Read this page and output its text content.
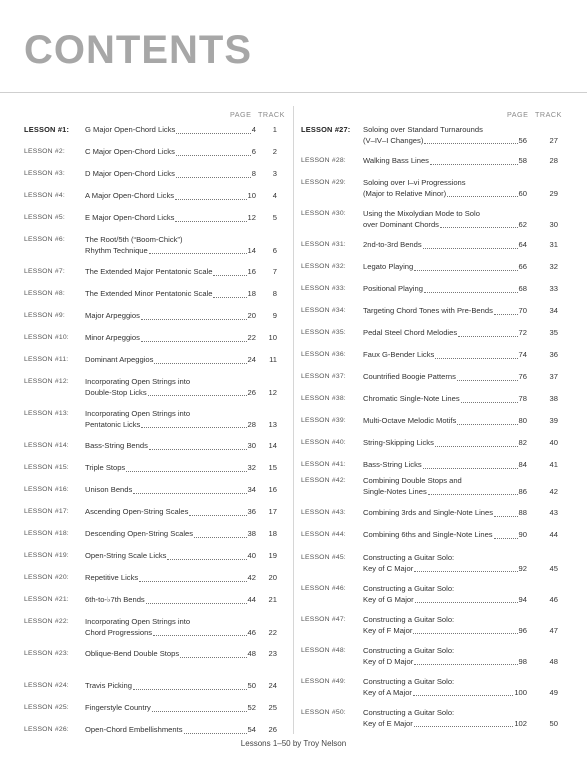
CONTENTS
PAGE TRACK
LESSON #1: G Major Open-Chord Licks	4	1
LESSON #2:	C Major Open-Chord Licks	6	2
LESSON #3:	D Major Open-Chord Licks	8	3
LESSON #4:	A Major Open-Chord Licks	10	4
LESSON #5:	E Major Open-Chord Licks	12	5
LESSON #6:	The Root/5th (“Boom-Chick”)
Rhythm Technique	14	6
LESSON #7:	The Extended Major Pentatonic Scale	16	7
LESSON #8:	The Extended Minor Pentatonic Scale	18	8
LESSON #9:	Major Arpeggios	20	9
LESSON #10: Minor Arpeggios	22	10
LESSON #11: Dominant Arpeggios	24	11
LESSON #12: Incorporating Open Strings into
Double-Stop Licks	26	12
LESSON #13: Incorporating Open Strings into
Pentatonic Licks	28	13
LESSON #14: Bass-String Bends	30	14
LESSON #15: Triple Stops	32	15
LESSON #16: Unison Bends	34	16
LESSON #17: Ascending Open-String Scales	36	17
LESSON #18: Descending Open-String Scales	38	18
LESSON #19: Open-String Scale Licks	40	19
LESSON #20: Repetitive Licks	42	20
LESSON #21: 6th-to-♭7th Bends	44	21
LESSON #22: Incorporating Open Strings into
Chord Progressions	46	22
LESSON #23: Oblique-Bend Double Stops	48	23
LESSON #24: Travis Picking	50	24
LESSON #25: Fingerstyle Country	52	25
LESSON #26: Open-Chord Embellishments	54	26
PAGE TRACK
LESSON #27: Soloing over Standard Turnarounds
(V–IV–I Changes)	56	27
LESSON #28: Walking Bass Lines	58	28
LESSON #29: Soloing over I–vi Progressions
(Major to Relative Minor)	60	29
LESSON #30: Using the Mixolydian Mode to Solo
over Dominant Chords	62	30
LESSON #31: 2nd-to-3rd Bends	64	31
LESSON #32: Legato Playing	66	32
LESSON #33: Positional Playing	68	33
LESSON #34: Targeting Chord Tones with Pre-Bends	70	34
LESSON #35: Pedal Steel Chord Melodies	72	35
LESSON #36: Faux G-Bender Licks	74	36
LESSON #37: Countrified Boogie Patterns	76	37
LESSON #38: Chromatic Single-Note Lines	78	38
LESSON #39: Multi-Octave Melodic Motifs	80	39
LESSON #40: String-Skipping Licks	82	40
LESSON #41: Bass-String Licks	84	41
LESSON #42: Combining Double Stops and
Single-Notes Lines	86	42
LESSON #43: Combining 3rds and Single-Note Lines	88	43
LESSON #44: Combining 6ths and Single-Note Lines	90	44
LESSON #45: Constructing a Guitar Solo:
Key of C Major	92	45
LESSON #46: Constructing a Guitar Solo:
Key of G Major	94	46
LESSON #47: Constructing a Guitar Solo:
Key of F Major	96	47
LESSON #48: Constructing a Guitar Solo:
Key of D Major	98	48
LESSON #49: Constructing a Guitar Solo:
Key of A Major	100	49
LESSON #50: Constructing a Guitar Solo:
Key of E Major	102	50
Lessons 1–50 by Troy Nelson
